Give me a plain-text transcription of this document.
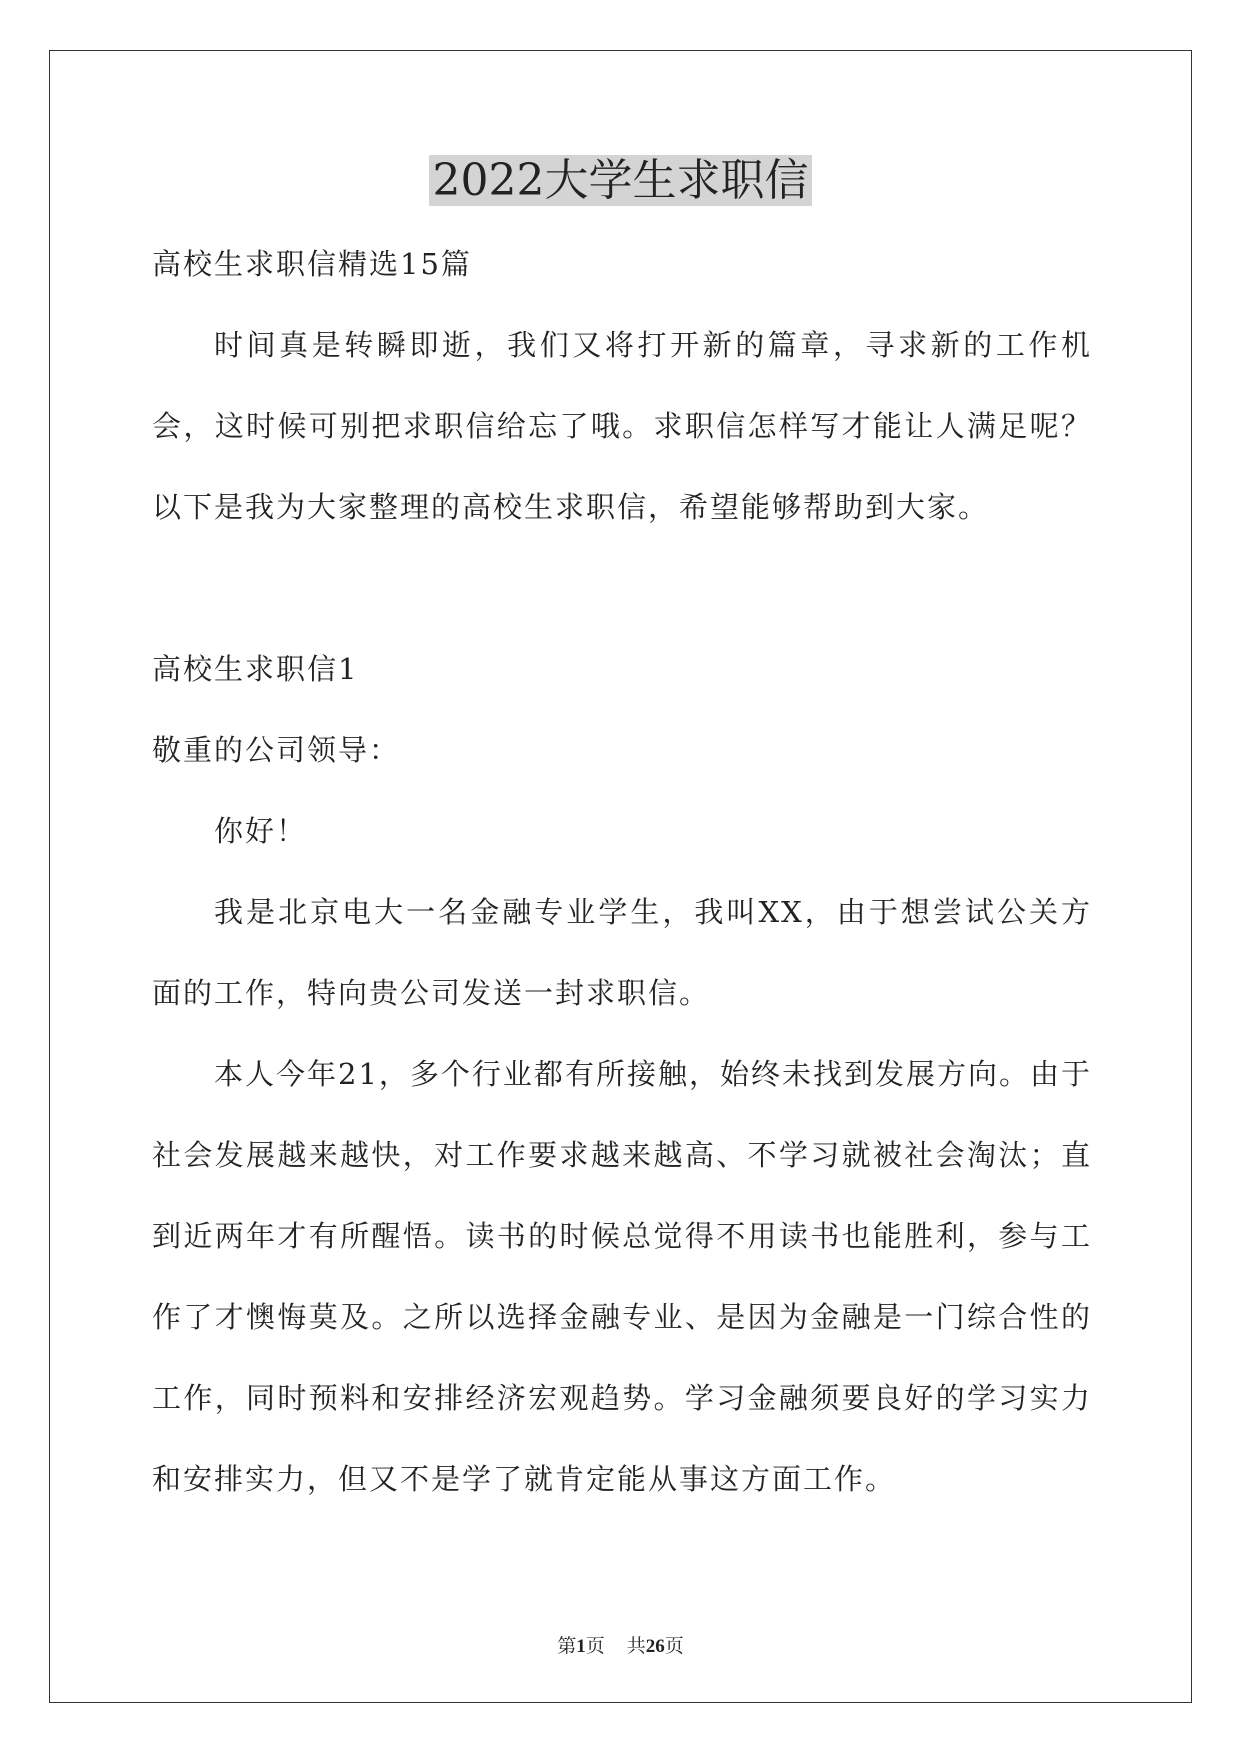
2022大学生求职信

高校生求职信精选15篇

时间真是转瞬即逝，我们又将打开新的篇章，寻求新的工作机会，这时候可别把求职信给忘了哦。求职信怎样写才能让人满足呢？以下是我为大家整理的高校生求职信，希望能够帮助到大家。

高校生求职信1

敬重的公司领导：

你好！

我是北京电大一名金融专业学生，我叫XX，由于想尝试公关方面的工作，特向贵公司发送一封求职信。

本人今年21，多个行业都有所接触，始终未找到发展方向。由于社会发展越来越快，对工作要求越来越高、不学习就被社会淘汰；直到近两年才有所醒悟。读书的时候总觉得不用读书也能胜利，参与工作了才懊悔莫及。之所以选择金融专业、是因为金融是一门综合性的工作，同时预料和安排经济宏观趋势。学习金融须要良好的学习实力和安排实力，但又不是学了就肯定能从事这方面工作。

第1页 共26页
